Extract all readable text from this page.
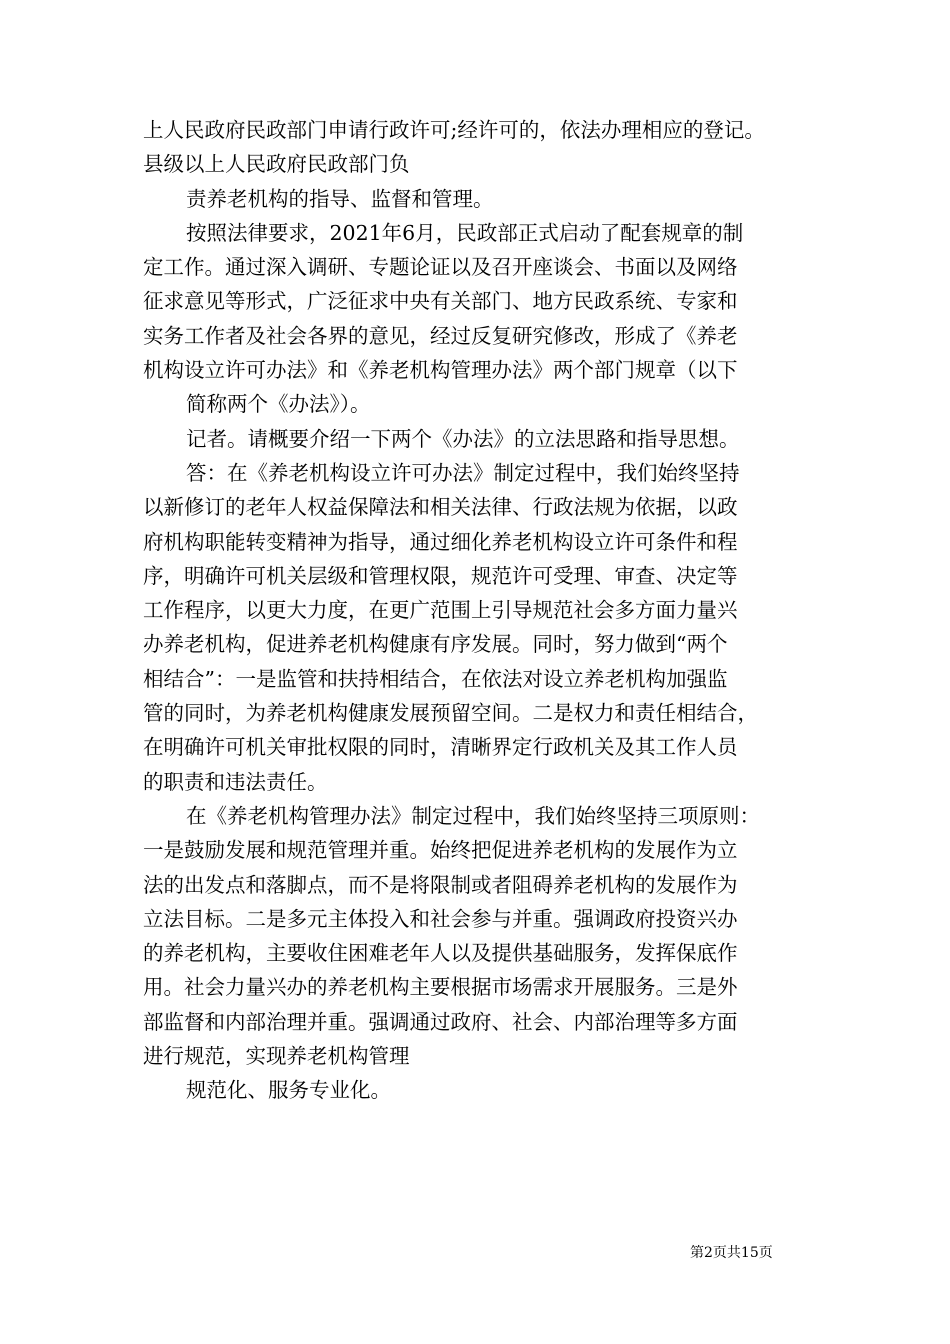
上人民政府民政部门申请行政许可;经许可的，依法办理相应的登记。
县级以上人民政府民政部门负
责养老机构的指导、监督和管理。
按照法律要求，2021年6月，民政部正式启动了配套规章的制
定工作。通过深入调研、专题论证以及召开座谈会、书面以及网络
征求意见等形式，广泛征求中央有关部门、地方民政系统、专家和
实务工作者及社会各界的意见，经过反复研究修改，形成了《养老
机构设立许可办法》和《养老机构管理办法》两个部门规章（以下
简称两个《办法》）。
记者。请概要介绍一下两个《办法》的立法思路和指导思想。
答：在《养老机构设立许可办法》制定过程中，我们始终坚持
以新修订的老年人权益保障法和相关法律、行政法规为依据，以政
府机构职能转变精神为指导，通过细化养老机构设立许可条件和程
序，明确许可机关层级和管理权限，规范许可受理、审查、决定等
工作程序，以更大力度，在更广范围上引导规范社会多方面力量兴
办养老机构，促进养老机构健康有序发展。同时，努力做到“两个
相结合”：一是监管和扶持相结合，在依法对设立养老机构加强监
管的同时，为养老机构健康发展预留空间。二是权力和责任相结合，
在明确许可机关审批权限的同时，清晰界定行政机关及其工作人员
的职责和违法责任。
在《养老机构管理办法》制定过程中，我们始终坚持三项原则：
一是鼓励发展和规范管理并重。始终把促进养老机构的发展作为立
法的出发点和落脚点，而不是将限制或者阻碍养老机构的发展作为
立法目标。二是多元主体投入和社会参与并重。强调政府投资兴办
的养老机构，主要收住困难老年人以及提供基础服务，发挥保底作
用。社会力量兴办的养老机构主要根据市场需求开展服务。三是外
部监督和内部治理并重。强调通过政府、社会、内部治理等多方面
进行规范，实现养老机构管理
规范化、服务专业化。
第2页共15页
